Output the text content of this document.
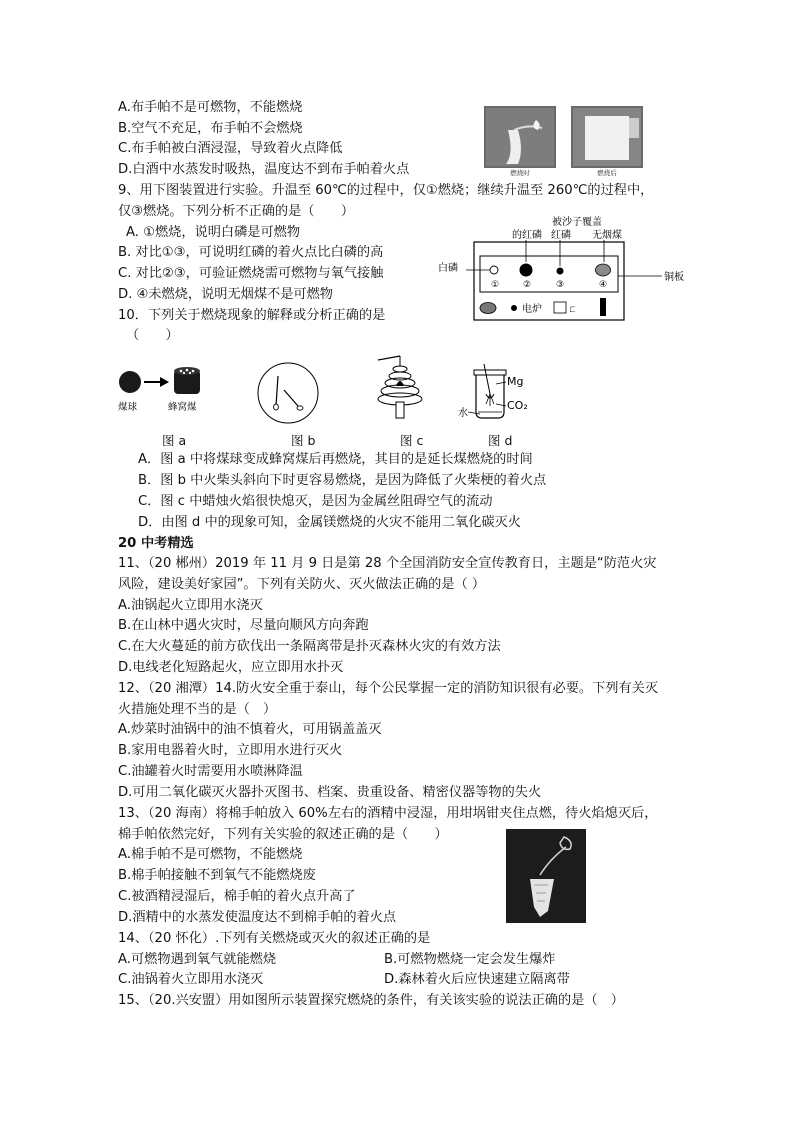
A.布手帕不是可燃物，不能燃烧
B.空气不充足，布手帕不会燃烧
C.布手帕被白酒浸湿，导致着火点降低
D.白酒中水蒸发时吸热，温度达不到布手帕着火点	燃烧时	燃烧后
9、用下图装置进行实验。升温至 60℃的过程中，仅①燃烧；继续升温至 260℃的过程中，
仅③燃烧。下列分析不正确的是（　　）
A. ①燃烧，说明白磷是可燃物
B. 对比①③，可说明红磷的着火点比白磷的高
C. 对比②③，可验证燃烧需可燃物与氧气接触
D. ④未燃烧，说明无烟煤不是可燃物
被沙子覆盖
的红磷 红磷 无烟煤
白磷
铜板
①	②	③	④
电炉	ㄈ
10．下列关于燃烧现象的解释或分析正确的是
（　　）
煤球	蜂窝煤
Mg
CO₂
水
图 a	图 b	图 c	图 d
A．图 a 中将煤球变成蜂窝煤后再燃烧，其目的是延长煤燃烧的时间
B．图 b 中火柴头斜向下时更容易燃烧，是因为降低了火柴梗的着火点
C．图 c 中蜡烛火焰很快熄灭，是因为金属丝阻碍空气的流动
D．由图 d 中的现象可知，金属镁燃烧的火灾不能用二氧化碳灭火
20 中考精选
11、（20 郴州）2019 年 11 月 9 日是第 28 个全国消防安全宣传教育日，主题是“防范火灾
风险，建设美好家园”。下列有关防火、灭火做法正确的是（ ）
A.油锅起火立即用水浇灭
B.在山林中遇火灾时，尽量向顺风方向奔跑
C.在大火蔓延的前方砍伐出一条隔离带是扑灭森林火灾的有效方法
D.电线老化短路起火，应立即用水扑灭
12、（20 湘潭）14.防火安全重于泰山，每个公民掌握一定的消防知识很有必要。下列有关灭
火措施处理不当的是（　）
A.炒菜时油锅中的油不慎着火，可用锅盖盖灭
B.家用电器着火时，立即用水进行灭火
C.油罐着火时需要用水喷淋降温
D.可用二氧化碳灭火器扑灭图书、档案、贵重设备、精密仪器等物的失火
13、（20 海南）将棉手帕放入 60%左右的酒精中浸湿，用坩埚钳夹住点燃，待火焰熄灭后，
棉手帕依然完好，下列有关实验的叙述正确的是（　　）
A.棉手帕不是可燃物，不能燃烧
B.棉手帕接触不到氧气不能燃烧废
C.被酒精浸湿后，棉手帕的着火点升高了
D.酒精中的水蒸发使温度达不到棉手帕的着火点
14、（20 怀化）.下列有关燃烧或灭火的叙述正确的是
A.可燃物遇到氧气就能燃烧	B.可燃物燃烧一定会发生爆炸
C.油锅着火立即用水浇灭	D.森林着火后应快速建立隔离带
15、（20.兴安盟）用如图所示装置探究燃烧的条件，有关该实验的说法正确的是（　）
